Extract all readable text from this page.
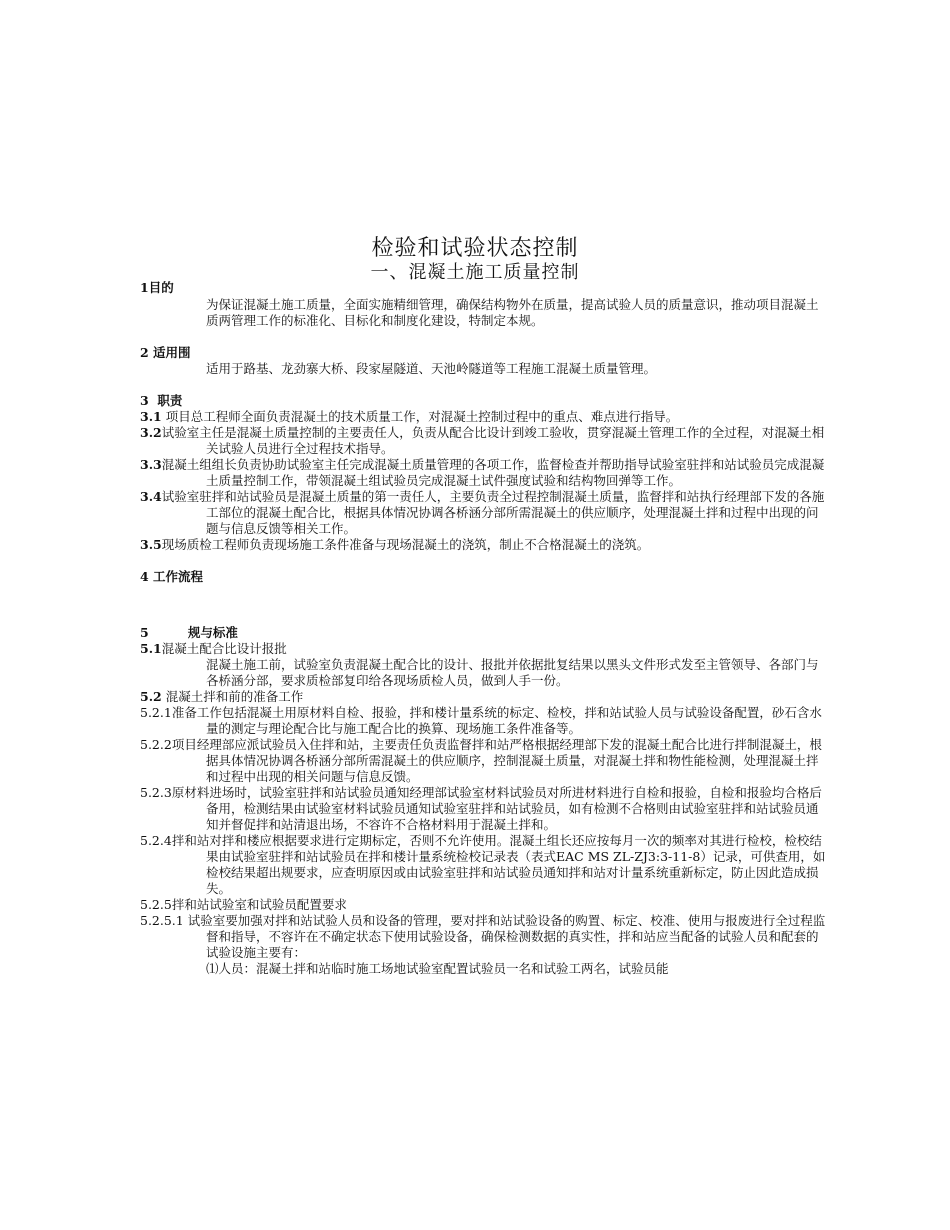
检验和试验状态控制
一、混凝土施工质量控制
1目的
为保证混凝土施工质量，全面实施精细管理，确保结构物外在质量，提高试验人员的质量意识，推动项目混凝土质两管理工作的标准化、目标化和制度化建设，特制定本规。
2 适用围
适用于路基、龙劲寨大桥、段家屋隧道、天池岭隧道等工程施工混凝土质量管理。
3  职责
3.1 项目总工程师全面负责混凝土的技术质量工作，对混凝土控制过程中的重点、难点进行指导。
3.2试验室主任是混凝土质量控制的主要责任人，负责从配合比设计到竣工验收，贯穿混凝土管理工作的全过程，对混凝土相关试验人员进行全过程技术指导。
3.3混凝土组组长负责协助试验室主任完成混凝土质量管理的各项工作，监督检查并帮助指导试验室驻拌和站试验员完成混凝土质量控制工作，带领混凝土组试验员完成混凝土试件强度试验和结构物回弹等工作。
3.4试验室驻拌和站试验员是混凝土质量的第一责任人，主要负责全过程控制混凝土质量，监督拌和站执行经理部下发的各施工部位的混凝土配合比，根据具体情况协调各桥涵分部所需混凝土的供应顺序，处理混凝土拌和过程中出现的问题与信息反馈等相关工作。
3.5现场质检工程师负责现场施工条件准备与现场混凝土的浇筑，制止不合格混凝土的浇筑。
4 工作流程
5         规与标准
5.1混凝土配合比设计报批
混凝土施工前，试验室负责混凝土配合比的设计、报批并依据批复结果以黑头文件形式发至主管领导、各部门与各桥涵分部，要求质检部复印给各现场质检人员，做到人手一份。
5.2 混凝土拌和前的准备工作
5.2.1准备工作包括混凝土用原材料自检、报验，拌和楼计量系统的标定、检校，拌和站试验人员与试验设备配置，砂石含水量的测定与理论配合比与施工配合比的换算、现场施工条件准备等。
5.2.2项目经理部应派试验员入住拌和站，主要责任负责监督拌和站严格根据经理部下发的混凝土配合比进行拌制混凝土，根据具体情况协调各桥涵分部所需混凝土的供应顺序，控制混凝土质量，对混凝土拌和物性能检测，处理混凝土拌和过程中出现的相关问题与信息反馈。
5.2.3原材料进场时，试验室驻拌和站试验员通知经理部试验室材料试验员对所进材料进行自检和报验，自检和报验均合格后备用，检测结果由试验室材料试验员通知试验室驻拌和站试验员，如有检测不合格则由试验室驻拌和站试验员通知并督促拌和站清退出场，不容许不合格材料用于混凝土拌和。
5.2.4拌和站对拌和楼应根据要求进行定期标定，否则不允许使用。混凝土组长还应按每月一次的频率对其进行检校，检校结果由试验室驻拌和站试验员在拌和楼计量系统检校记录表（表式EAC MS ZL-ZJ3:3-11-8）记录，可供查用，如检校结果超出规要求，应查明原因或由试验室驻拌和站试验员通知拌和站对计量系统重新标定，防止因此造成损失。
5.2.5拌和站试验室和试验员配置要求
5.2.5.1 试验室要加强对拌和站试验人员和设备的管理，要对拌和站试验设备的购置、标定、校准、使用与报废进行全过程监督和指导，不容许在不确定状态下使用试验设备，确保检测数据的真实性，拌和站应当配备的试验人员和配套的试验设施主要有：
⑴人员：混凝土拌和站临时施工场地试验室配置试验员一名和试验工两名，试验员能
